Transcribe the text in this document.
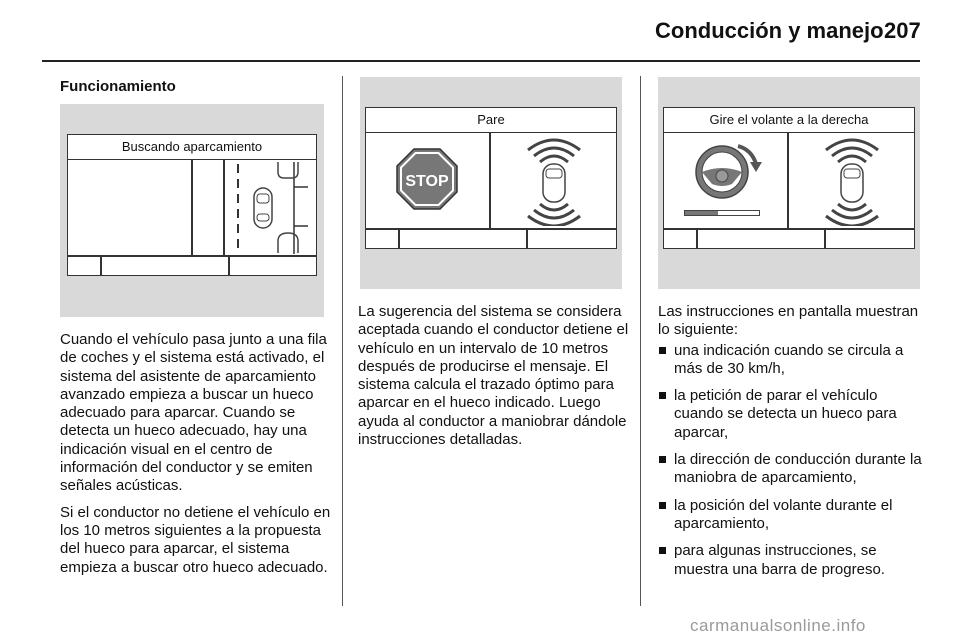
Conducción y manejo 207
Funcionamiento
Buscando aparcamiento
Pare
STOP
Gire el volante a la derecha

Cuando el vehículo pasa junto a una fila de coches y el sistema está activado, el sistema del asistente de aparcamiento avanzado empieza a buscar un hueco adecuado para aparcar. Cuando se detecta un hueco adecuado, hay una indicación visual en el centro de información del conductor y se emiten señales acústicas.

Si el conductor no detiene el vehículo en los 10 metros siguientes a la propuesta del hueco para aparcar, el sistema empieza a buscar otro hueco adecuado.

La sugerencia del sistema se considera aceptada cuando el conductor detiene el vehículo en un intervalo de 10 metros después de producirse el mensaje. El sistema calcula el trazado óptimo para aparcar en el hueco indicado. Luego ayuda al conductor a maniobrar dándole instrucciones detalladas.

Las instrucciones en pantalla muestran lo siguiente:

una indicación cuando se circula a más de 30 km/h,
la petición de parar el vehículo cuando se detecta un hueco para aparcar,
la dirección de conducción durante la maniobra de aparcamiento,
la posición del volante durante el aparcamiento,
para algunas instrucciones, se muestra una barra de progreso.
carmanualsonline.info
